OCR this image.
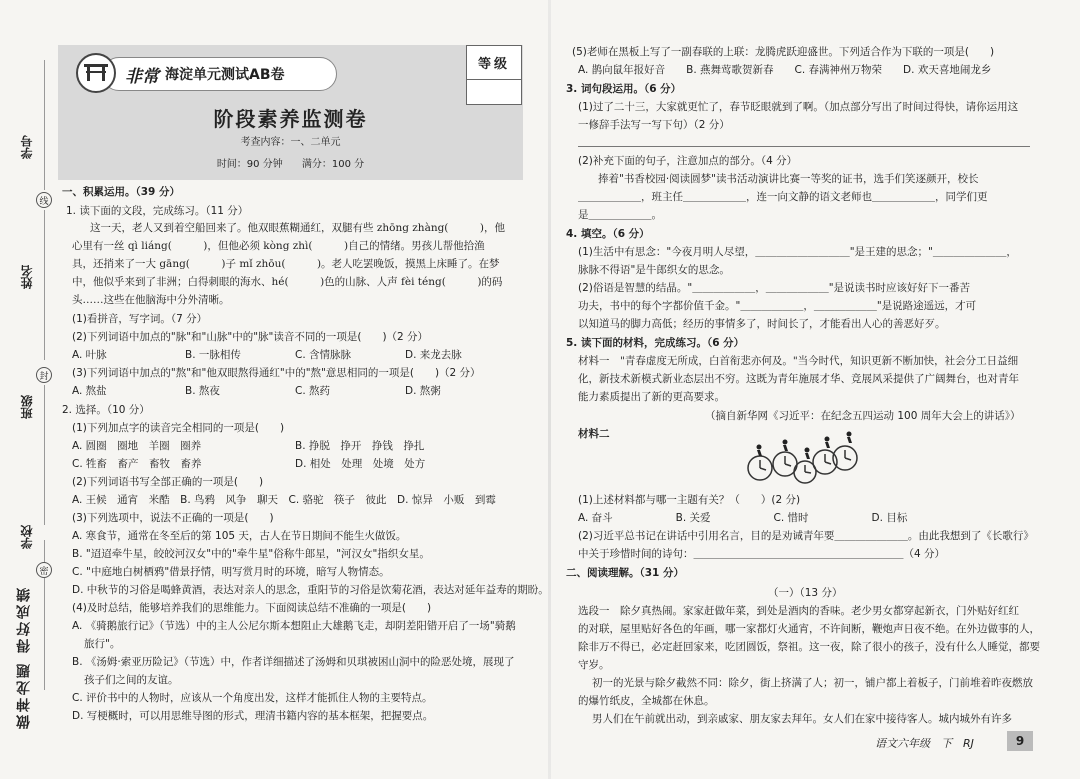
学号
姓名
班级
学校
线
封
密
做神龙题 得好成绩
非常 海淀单元测试AB卷
等级
阶段素养监测卷
考查内容：一、二单元
时间：90 分钟 满分：100 分
一、积累运用。（39 分）
1. 读下面的文段，完成练习。（11 分）
这一天，老人又到着空船回来了。他双眼蕉糊通红，双腿有些 zhōng zhàng(　　　)，他
心里有一丝 qì liáng(　　　)，但他必须 kòng zhì(　　　)自己的情绪。男孩儿帮他拾渔
具，还捎来了一大 gāng(　　　)子 mǐ zhōu(　　　)。老人吃罢晚饭，摸黑上床睡了。在梦
中，他似乎来到了非洲；白得刺眼的海水、hé(　　　)色的山脉、人声 fèi téng(　　　)的码
头……这些在他脑海中分外清晰。
(1)看拼音，写字词。（7 分）
(2)下列词语中加点的"脉"和"山脉"中的"脉"读音不同的一项是(　　)（2 分）
A. 叶脉	B. 一脉相传	C. 含情脉脉	D. 来龙去脉
(3)下列词语中加点的"熬"和"他双眼熬得通红"中的"熬"意思相同的一项是(　　)（2 分）
A. 熬盐	B. 熬夜	C. 熬药	D. 熬粥
2. 选择。（10 分）
(1)下列加点字的读音完全相同的一项是(　　)
A. 圆圈　圈地　羊圈　圈养	B. 挣脱　挣开　挣钱　挣扎
C. 牲畜　畜产　畜牧　畜养	D. 相处　处理　处境　处方
(2)下列词语书写全部正确的一项是(　　)
A. 王候　通宵　米酷　B. 鸟鸦　风争　聊天　C. 骆驼　筷子　彼此　D. 惊异　小贩　到霉
(3)下列选项中，说法不正确的一项是(　　)
A. 寒食节，通常在冬至后的第 105 天，古人在节日期间不能生火做饭。
B. "迢迢牵牛星，皎皎河汉女"中的"牵牛星"俗称牛郎星，"河汉女"指织女星。
C. "中庭地白树栖鸦"借景抒情，明写赏月时的环境，暗写人物情态。
D. 中秋节的习俗是喝蜂黄酒，表达对亲人的思念，重阳节的习俗是饮菊花酒，表达对延年益寿的期盼。
(4)及时总结，能够培养我们的思维能力。下面阅读总结不准确的一项是(　　)
A. 《骑鹅旅行记》（节选）中的主人公尼尔斯本想阻止大雄鹅飞走，却阴差阳错开启了一场"骑鹅
旅行"。
B. 《汤姆·索亚历险记》（节选）中，作者详细描述了汤姆和贝琪被困山洞中的险恶处境，展现了
孩子们之间的友谊。
C. 评价书中的人物时，应该从一个角度出发，这样才能抓住人物的主要特点。
D. 写梗概时，可以用思维导图的形式，理清书籍内容的基本框架，把握要点。
(5)老师在黑板上写了一副春联的上联：龙腾虎跃迎盛世。下列适合作为下联的一项是(　　)
A. 鹊向鼠年报好音　　B. 燕舞莺歌贺新春　　C. 春满神州万物荣　　D. 欢天喜地闹龙乡
3. 词句段运用。（6 分）
(1)过了二十三，大家就更忙了，春节眨眼就到了啊。（加点部分写出了时间过得快，请你运用这
一修辞手法写一写下句）（2 分）
(2)补充下面的句子，注意加点的部分。（4 分）
捧着"书香校园·阅读圆梦"读书活动演讲比赛一等奖的证书，选手们笑逐颜开，校长
＿＿＿＿＿＿，班主任＿＿＿＿＿＿，连一向文静的语文老师也＿＿＿＿＿＿，同学们更
是＿＿＿＿＿＿。
4. 填空。（6 分）
(1)生活中有思念："今夜月明人尽望，＿＿＿＿＿＿＿＿＿"是王建的思念；"＿＿＿＿＿＿＿，
脉脉不得语"是牛郎织女的思念。
(2)俗语是智慧的结晶。"＿＿＿＿＿＿，＿＿＿＿＿＿"是说读书时应该好好下一番苦
功夫，书中的每个字都价值千金。"＿＿＿＿＿＿，＿＿＿＿＿＿"是说路途遥远，才可
以知道马的脚力高低；经历的事情多了，时间长了，才能看出人心的善恶好歹。
5. 读下面的材料，完成练习。（6 分）
材料一　"青春虚度无所成，白首衔悲亦何及。"当今时代，知识更新不断加快，社会分工日益细
化，新技术新模式新业态层出不穷。这既为青年施展才华、竞展风采提供了广阔舞台，也对青年
能力素质提出了新的更高要求。
（摘自新华网《习近平：在纪念五四运动 100 周年大会上的讲话》）
材料二
(1)上述材料都与哪一主题有关？（　　）(2 分)
A. 奋斗　　　　　　B. 关爱　　　　　　C. 惜时　　　　　　D. 目标
(2)习近平总书记在讲话中引用名言，目的是劝诫青年要＿＿＿＿＿＿＿。由此我想到了《长歌行》
中关于珍惜时间的诗句：＿＿＿＿＿＿＿＿＿＿＿＿＿＿＿＿＿＿＿＿（4 分）
二、阅读理解。（31 分）
（一）（13 分）
选段一　除夕真热闹。家家赶做年菜，到处是酒肉的香味。老少男女都穿起新衣，门外贴好红红
的对联，屋里贴好各色的年画，哪一家都灯火通宵，不许间断，鞭炮声日夜不绝。在外边做事的人，
除非万不得已，必定赶回家来，吃团圆饭，祭祖。这一夜，除了很小的孩子，没有什么人睡觉，都要
守岁。
初一的光景与除夕截然不同：除夕，街上挤满了人；初一，铺户都上着板子，门前堆着昨夜燃放
的爆竹纸皮，全城都在休息。
男人们在午前就出动，到亲戚家、朋友家去拜年。女人们在家中接待客人。城内城外有许多
语文六年级　下　RJ	9
